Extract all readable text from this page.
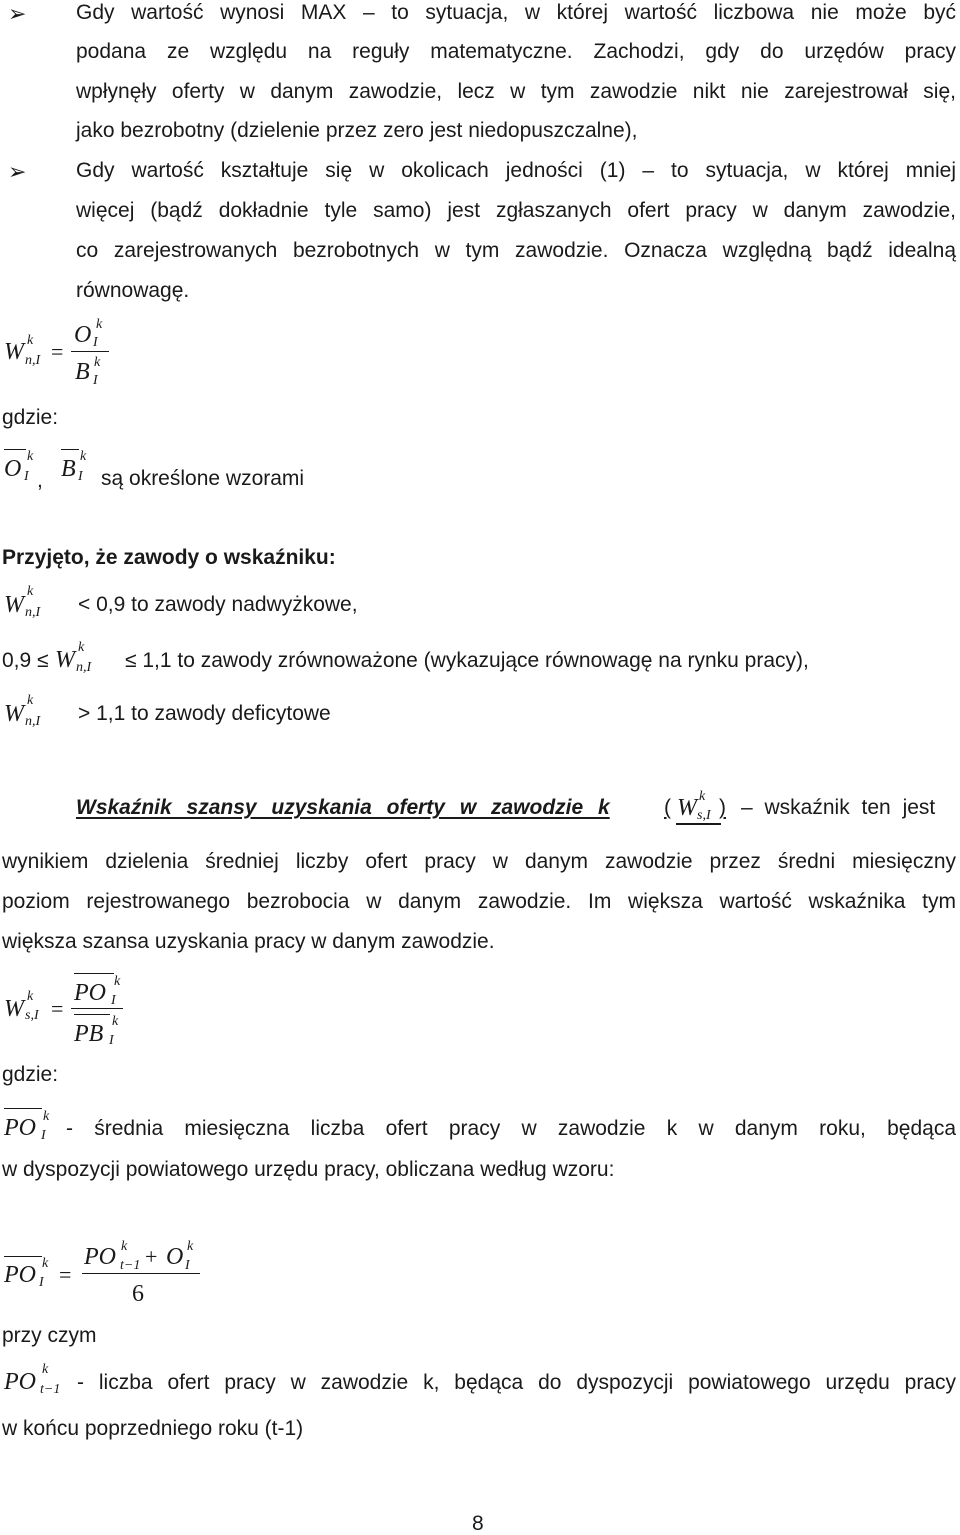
➢ Gdy wartość wynosi MAX – to sytuacja, w której wartość liczbowa nie może być
podana ze względu na reguły matematyczne. Zachodzi, gdy do urzędów pracy
wpłynęły oferty w danym zawodzie, lecz w tym zawodzie nikt nie zarejestrował się,
jako bezrobotny (dzielenie przez zero jest niedopuszczalne),
➢ Gdy wartość kształtuje się w okolicach jedności (1) – to sytuacja, w której mniej
więcej (bądź dokładnie tyle samo) jest zgłaszanych ofert pracy w danym zawodzie,
co zarejestrowanych bezrobotnych w tym zawodzie. Oznacza względną bądź idealną
równowagę.
W k
n,I =
O k
I
B k
I
gdzie:
O k
I , B k
I są określone wzorami
Przyjęto, że zawody o wskaźniku:
W
k
n,I < 0,9 to zawody nadwyżkowe,
0,9 ≤ W k
n,I ≤ 1,1 to zawody zrównoważone (wykazujące równowagę na rynku pracy),
W
k
n,I > 1,1 to zawody deficytowe
Wskaźnik szansy uzyskania oferty w zawodzie k	( W k
s,I ) – wskaźnik ten jest
wynikiem dzielenia średniej liczby ofert pracy w danym zawodzie przez średni miesięczny
poziom rejestrowanego bezrobocia w danym zawodzie. Im większa wartość wskaźnika tym
większa szansa uzyskania pracy w danym zawodzie.
W k
s,I =
PO k
I
PB k
I
gdzie:
PO k
I - średnia miesięczna liczba ofert pracy w zawodzie k w danym roku, będąca
w dyspozycji powiatowego urzędu pracy, obliczana według wzoru:
PO k
I =
PO k
t−1 + O k
I
6
przy czym
PO k
t−1 - liczba ofert pracy w zawodzie k, będąca do dyspozycji powiatowego urzędu pracy
w końcu poprzedniego roku (t-1)
8
